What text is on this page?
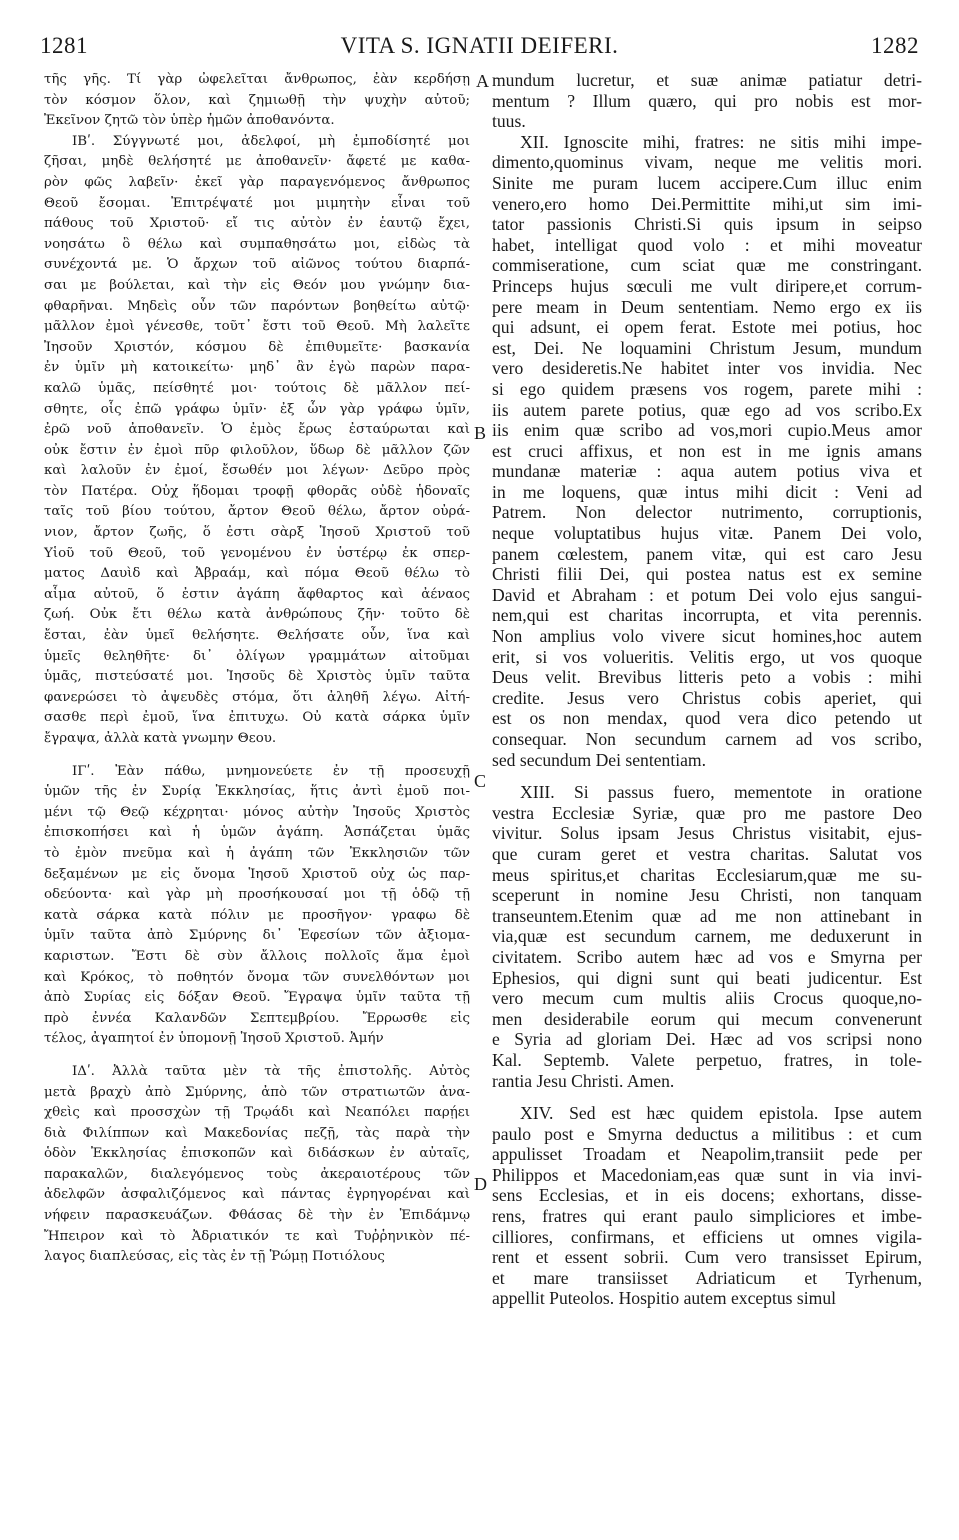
1281	VITA S. IGNATII DEIFERI.	1282
τῆς γῆς. Τί γὰρ ὠφελεῖται ἄνθρωπος, ἐὰν κερδήσῃ
τὸν κόσμον ὅλον, καὶ ζημιωθῇ τὴν ψυχὴν αὐτοῦ;
Ἐκεῖνον ζητῶ τὸν ὑπὲρ ἡμῶν ἀποθανόντα.
ΙΒʹ. Σύγγνωτέ μοι, ἀδελφοί, μὴ ἐμποδίσητέ μοι
ζῆσαι, μηδὲ θελήσητέ με ἀποθανεῖν· ἄφετέ με καθα-
ρὸν φῶς λαβεῖν· ἐκεῖ γὰρ παραγενόμενος ἄνθρωπος
Θεοῦ ἔσομαι. Ἐπιτρέψατέ μοι μιμητὴν εἶναι τοῦ
πάθους τοῦ Χριστοῦ· εἴ τις αὐτὸν ἐν ἑαυτῷ ἔχει,
νοησάτω ὃ θέλω καὶ συμπαθησάτω μοι, εἰδὼς τὰ
συνέχοντά με. Ὁ ἄρχων τοῦ αἰῶνος τούτου διαρπά-
σαι με βούλεται, καὶ τὴν εἰς Θεόν μου γνώμην δια-
φθαρῆναι. Μηδεὶς οὖν τῶν παρόντων βοηθείτω αὐτῷ·
μᾶλλον ἐμοὶ γένεσθε, τοῦτ᾽ ἔστι τοῦ Θεοῦ. Μὴ λαλεῖτε
Ἰησοῦν Χριστόν, κόσμου δὲ ἐπιθυμεῖτε· βασκανία
ἐν ὑμῖν μὴ κατοικείτω· μηδ᾽ ἂν ἐγὼ παρὼν παρα-
καλῶ ὑμᾶς, πείσθητέ μοι· τούτοις δὲ μᾶλλον πεί-
σθητε, οἷς ἐπῶ γράφω ὑμῖν· ἐξ ὧν γὰρ γράφω ὑμῖν,
ἐρῶ νοῦ ἀποθανεῖν. Ὁ ἐμὸς ἔρως ἐσταύρωται καὶ
οὐκ ἔστιν ἐν ἐμοὶ πῦρ φιλοῦλον, ὕδωρ δὲ μᾶλλον ζῶν
καὶ λαλοῦν ἐν ἐμοί, ἔσωθέν μοι λέγων· Δεῦρο πρὸς
τὸν Πατέρα. Οὐχ ἥδομαι τροφῇ φθορᾶς οὐδὲ ἡδοναῖς
ταῖς τοῦ βίου τούτου, ἄρτον Θεοῦ θέλω, ἄρτον οὐρά-
νιον, ἄρτον ζωῆς, ὅ ἐστι σὰρξ Ἰησοῦ Χριστοῦ τοῦ
Υἱοῦ τοῦ Θεοῦ, τοῦ γενομένου ἐν ὑστέρῳ ἐκ σπερ-
ματος Δαυὶδ καὶ Ἀβραάμ, καὶ πόμα Θεοῦ θέλω τὸ
αἷμα αὐτοῦ, ὅ ἐστιν ἀγάπη ἄφθαρτος καὶ ἀέναος
ζωή. Οὐκ ἔτι θέλω κατὰ ἀνθρώπους ζῆν· τοῦτο δὲ
ἔσται, ἐὰν ὑμεῖ θελήσητε. Θελήσατε οὖν, ἵνα καὶ
ὑμεῖς θεληθῆτε· δι᾽ ὀλίγων γραμμάτων αἰτοῦμαι
ὑμᾶς, πιστεύσατέ μοι. Ἰησοῦς δὲ Χριστὸς ὑμῖν ταῦτα
φανερώσει τὸ ἀψευδὲς στόμα, ὅτι ἀληθῆ λέγω. Αἰτή-
σασθε περὶ ἐμοῦ, ἵνα ἐπιτυχω. Οὐ κατὰ σάρκα ὑμῖν
ἔγραψα, ἀλλὰ κατὰ γνωμην Θεου.
ΙΓʹ. Ἐὰν πάθω, μνημονεύετε ἐν τῇ προσευχῇ
ὑμῶν τῆς ἐν Συρίᾳ Ἐκκλησίας, ἥτις ἀντὶ ἐμοῦ ποι-
μένι τῷ Θεῷ κέχρηται· μόνος αὐτὴν Ἰησοῦς Χριστὸς
ἐπισκοπήσει καὶ ἡ ὑμῶν ἀγάπη. Ἀσπάζεται ὑμᾶς
τὸ ἐμὸν πνεῦμα καὶ ἡ ἀγάπη τῶν Ἐκκλησιῶν τῶν
δεξαμένων με εἰς ὄνομα Ἰησοῦ Χριστοῦ οὐχ ὡς παρ-
οδεύοντα· καὶ γὰρ μὴ προσήκουσαί μοι τῇ ὁδῷ τῇ
κατὰ σάρκα κατὰ πόλιν με προσῆγον· γραφω δὲ
ὑμῖν ταῦτα ἀπὸ Σμύρνης δι᾽ Ἐφεσίων τῶν ἀξιομα-
καριστων. Ἔστι δὲ σὺν ἄλλοις πολλοῖς ἅμα ἐμοὶ
καὶ Κρόκος, τὸ ποθητόν ὄνομα τῶν συνελθόντων μοι
ἀπὸ Συρίας εἰς δόξαν Θεοῦ. Ἔγραψα ὑμῖν ταῦτα τῇ
πρὸ ἐννέα Καλανδῶν Σεπτεμβρίου. Ἔρρωσθε εἰς
τέλος, ἀγαπητοί ἐν ὑπομονῇ Ἰησοῦ Χριστοῦ. Ἀμήν
ΙΔʹ. Ἀλλὰ ταῦτα μὲν τὰ τῆς ἐπιστολῆς. Αὐτὸς
μετὰ βραχὺ ἀπὸ Σμύρνης, ἀπὸ τῶν στρατιωτῶν ἀνα-
χθεὶς καὶ προσσχὼν τῇ Τρῳάδι καὶ Νεαπόλει παρῄει
διὰ Φιλίππων καὶ Μακεδονίας πεζῇ, τὰς παρὰ τὴν
ὁδὸν Ἐκκλησίας ἐπισκοπῶν καὶ διδάσκων ἐν αὐταῖς,
παρακαλῶν, διαλεγόμενος τοὺς ἀκεραιοτέρους τῶν
ἀδελφῶν ἀσφαλιζόμενος καὶ πάντας ἐγρηγορέναι καὶ
νήφειν παρασκευάζων. Φθάσας δὲ τὴν ἐν Ἐπιδάμνῳ
Ἤπειρον καὶ τὸ Ἀδριατικόν τε καὶ Τυῤῥηνικὸν πέ-
λαγος διαπλεύσας, εἰς τὰς ἐν τῇ Ῥώμῃ Ποτιόλους
mundum lucretur, et suæ animæ patiatur detri-
mentum ? Illum quæro, qui pro nobis est mor-
tuus.
XII. Ignoscite mihi, fratres: ne sitis mihi impe-
dimento,quominus vivam, neque me velitis mori.
Sinite me puram lucem accipere.Cum illuc enim
venero,ero homo Dei.Permittite mihi,ut sim imi-
tator passionis Christi.Si quis ipsum in seipso
habet, intelligat quod volo : et mihi moveatur
commiseratione, cum sciat quæ me constringant.
Princeps hujus sœculi me vult diripere,et corrum-
pere meam in Deum sententiam. Nemo ergo ex iis
qui adsunt, ei opem ferat. Estote mei potius, hoc
est, Dei. Ne loquamini Christum Jesum, mundum
vero desideretis.Ne habitet inter vos invidia. Nec
si ego quidem præsens vos rogem, parete mihi :
iis autem parete potius, quæ ego ad vos scribo.Ex
iis enim quæ scribo ad vos,mori cupio.Meus amor
est cruci affixus, et non est in me ignis amans
mundanæ materiæ : aqua autem potius viva et
in me loquens, quæ intus mihi dicit : Veni ad
Patrem. Non delector nutrimento, corruptionis,
neque voluptatibus hujus vitæ. Panem Dei volo,
panem cœlestem, panem vitæ, qui est caro Jesu
Christi filii Dei, qui postea natus est ex semine
David et Abraham : et potum Dei volo ejus sangui-
nem,qui est charitas incorrupta, et vita perennis.
Non amplius volo vivere sicut homines,hoc autem
erit, si vos volueritis. Velitis ergo, ut vos quoque
Deus velit. Brevibus litteris peto a vobis : mihi
credite. Jesus vero Christus cobis aperiet, qui
est os non mendax, quod vera dico petendo ut
consequar. Non secundum carnem ad vos scribo,
sed secundum Dei sententiam.
XIII. Si passus fuero, mementote in oratione
vestra Ecclesiæ Syriæ, quæ pro me pastore Deo
vivitur. Solus ipsam Jesus Christus visitabit, ejus-
que curam geret et vestra charitas. Salutat vos
meus spiritus,et charitas Ecclesiarum,quæ me su-
sceperunt in nomine Jesu Christi, non tanquam
transeuntem.Etenim quæ ad me non attinebant in
via,quæ est secundum carnem, me deduxerunt in
civitatem. Scribo autem hæc ad vos e Smyrna per
Ephesios, qui digni sunt qui beati judicentur. Est
vero mecum cum multis aliis Crocus quoque,no-
men desiderabile eorum qui mecum convenerunt
e Syria ad gloriam Dei. Hæc ad vos scripsi nono
Kal. Septemb. Valete perpetuo, fratres, in tole-
rantia Jesu Christi. Amen.
XIV. Sed est hæc quidem epistola. Ipse autem
paulo post e Smyrna deductus a militibus : et cum
appulisset Troadam et Neapolim,transiit pede per
Philippos et Macedoniam,eas quæ sunt in via invi-
sens Ecclesias, et in eis docens; exhortans, disse-
rens, fratres qui erant paulo simpliciores et imbe-
cilliores, confirmans, et efficiens ut omnes vigila-
rent et essent sobrii. Cum vero transisset Epirum,
et mare transiisset Adriaticum et Tyrhenum,
appellit Puteolos. Hospitio autem exceptus simul
A
B
C
D
